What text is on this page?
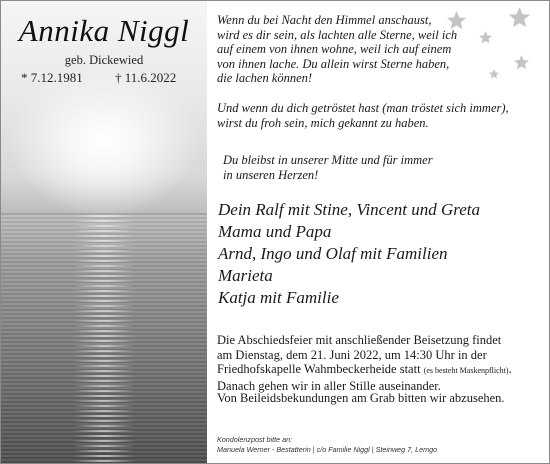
Annika Niggl
geb. Dickewied
* 7.12.1981 † 11.6.2022
Wenn du bei Nacht den Himmel anschaust,
wird es dir sein, als lachten alle Sterne, weil ich
auf einem von ihnen wohne, weil ich auf einem
von ihnen lache. Du allein wirst Sterne haben,
die lachen können!
Und wenn du dich getröstet hast (man tröstet sich immer),
wirst du froh sein, mich gekannt zu haben.
Du bleibst in unserer Mitte und für immer
in unseren Herzen!
Dein Ralf mit Stine, Vincent und Greta
Mama und Papa
Arnd, Ingo und Olaf mit Familien
Marieta
Katja mit Familie
Die Abschiedsfeier mit anschließender Beisetzung findet
am Dienstag, dem 21. Juni 2022, um 14:30 Uhr in der
Friedhofskapelle Wahmbeckerheide statt (es besteht Maskenpflicht).
Danach gehen wir in aller Stille auseinander.
Von Beileidsbekundungen am Grab bitten wir abzusehen.
Kondolenzpost bitte an:
Manuela Werner - Bestatterin | c/o Familie Niggl | Steinweg 7, Lemgo
